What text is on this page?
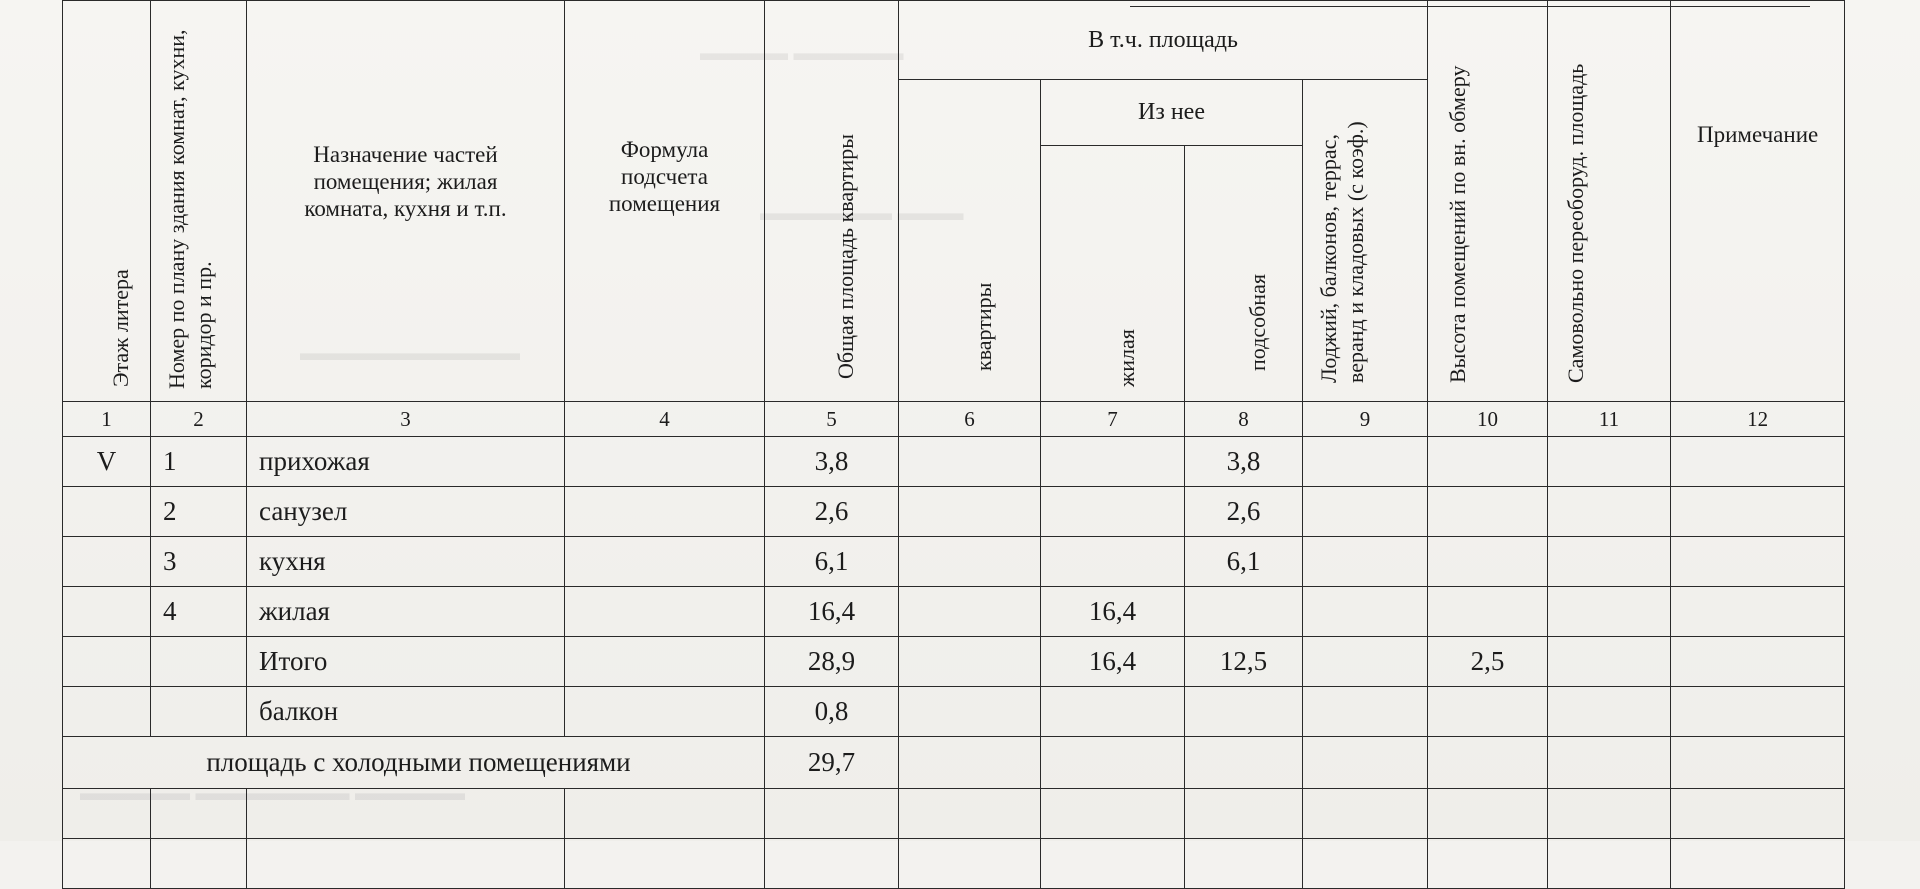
▬▬▬▬ ▬▬▬▬▬
▬▬▬▬▬▬ ▬▬▬
▬▬▬▬▬▬▬▬▬▬
▬▬▬▬▬ ▬▬▬▬▬▬▬ ▬▬▬▬▬
Этаж литера	Номер по плану здания комнат, кухни, коридор и пр.	Назначение частей помещения; жилая комната, кухня и т.п.	Формула подсчета помещения	Общая площадь квартиры	В т.ч. площадь				Высота помещений по вн. обмеру	Самовольно переоборуд. площадь	Примечание

					квартиры	Из нее		Лоджий, балконов, террас, веранд и кладовых (с коэф.)			

						жилая	подсобная				

1	2	3	4	5	6	7	8	9	10	11	12
V	1	прихожая		3,8			3,8				
	2	санузел		2,6			2,6				
	3	кухня		6,1			6,1				
	4	жилая		16,4		16,4					
		Итого		28,9		16,4	12,5		2,5		
		балкон		0,8							
площадь с холодными помещениями				29,7							
